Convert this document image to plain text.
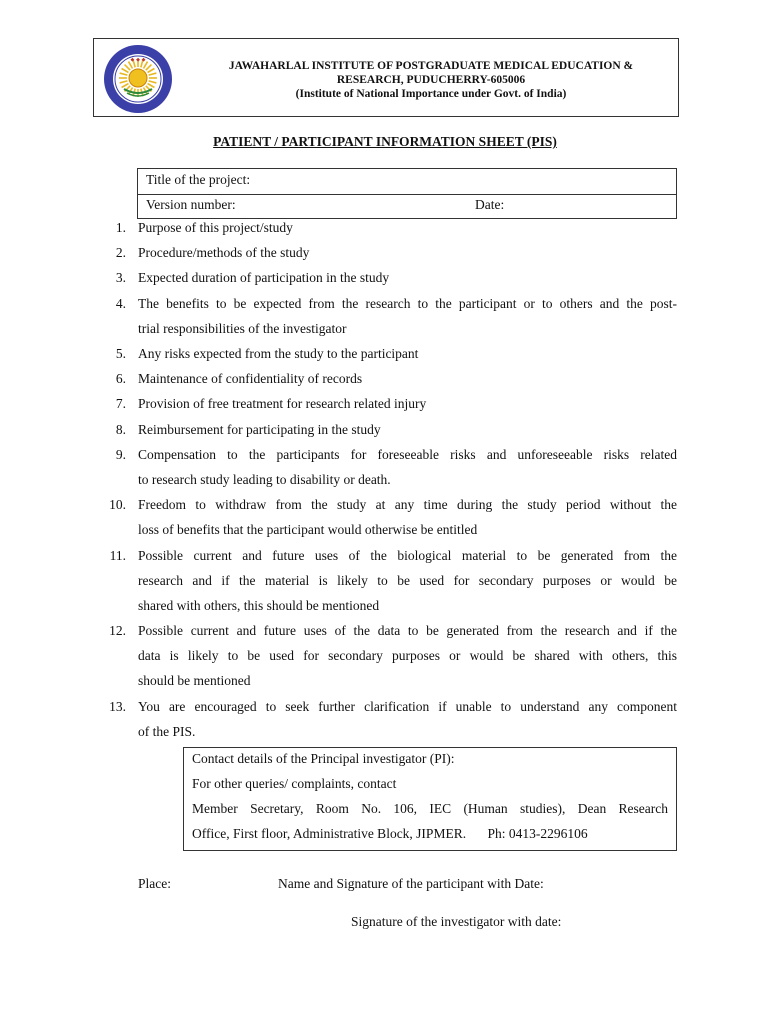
◆ ◆ ◆	JAWAHARLAL INSTITUTE OF POSTGRADUATE MEDICAL EDUCATION &
RESEARCH, PUDUCHERRY-605006
(Institute of National Importance under Govt. of India)
PATIENT / PARTICIPANT INFORMATION SHEET (PIS)
Title of the project:
Version number:	Date:
1. Purpose of this project/study
2. Procedure/methods of the study
3. Expected duration of participation in the study
4. The benefits to be expected from the research to the participant or to others and the post-
trial responsibilities of the investigator
5. Any risks expected from the study to the participant
6. Maintenance of confidentiality of records
7. Provision of free treatment for research related injury
8. Reimbursement for participating in the study
9. Compensation to the participants for foreseeable risks and unforeseeable risks related
to research study leading to disability or death.
10. Freedom to withdraw from the study at any time during the study period without the
loss of benefits that the participant would otherwise be entitled
11. Possible current and future uses of the biological material to be generated from the
research and if the material is likely to be used for secondary purposes or would be
shared with others, this should be mentioned
12. Possible current and future uses of the data to be generated from the research and if the
data is likely to be used for secondary purposes or would be shared with others, this
should be mentioned
13. You are encouraged to seek further clarification if unable to understand any component
of the PIS.
Contact details of the Principal investigator (PI):
For other queries/ complaints, contact
Member Secretary, Room No. 106, IEC (Human studies), Dean Research
Office, First floor, Administrative Block, JIPMER. Ph: 0413-2296106
Place:	Name and Signature of the participant with Date:
Signature of the investigator with date:
